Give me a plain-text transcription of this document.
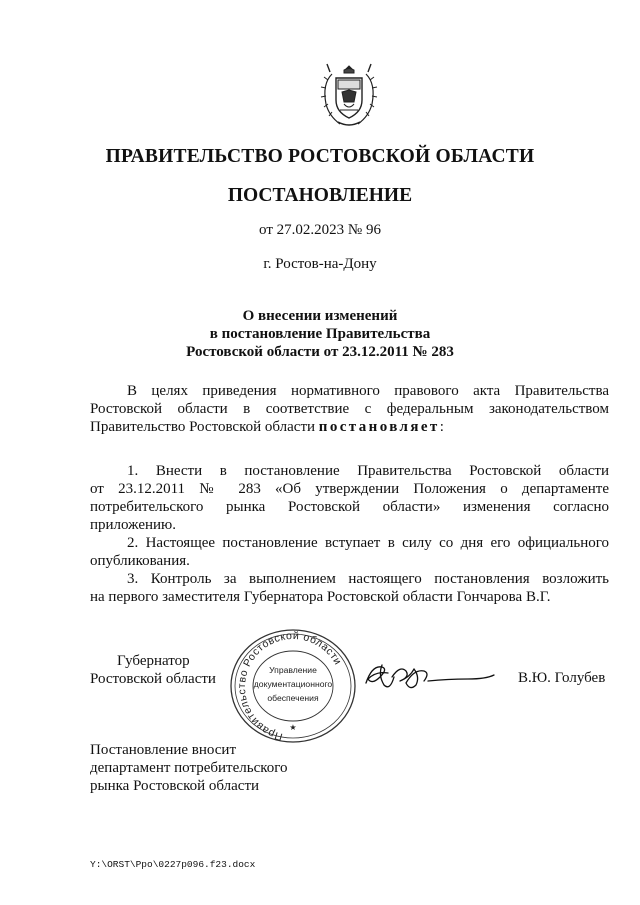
ПРАВИТЕЛЬСТВО РОСТОВСКОЙ ОБЛАСТИ
ПОСТАНОВЛЕНИЕ
от 27.02.2023 № 96
г. Ростов-на-Дону
О внесении изменений
в постановление Правительства
Ростовской области от 23.12.2011 № 283
В целях приведения нормативного правового акта Правительства
Ростовской области в соответствие с федеральным законодательством
Правительство Ростовской области постановляет:
1. Внести в постановление Правительства Ростовской области
от 23.12.2011 № 283 «Об утверждении Положения о департаменте
потребительского рынка Ростовской области» изменения согласно
приложению.
2. Настоящее постановление вступает в силу со дня его официального
опубликования.
3. Контроль за выполнением настоящего постановления возложить
на первого заместителя Губернатора Ростовской области Гончарова В.Г.
Губернатор
Ростовской области
Правительство Ростовской области
Управление
документационного
обеспечения
★
В.Ю. Голубев
Постановление вносит
департамент потребительского
рынка Ростовской области
Y:\ORST\Ppo\0227p096.f23.docx
